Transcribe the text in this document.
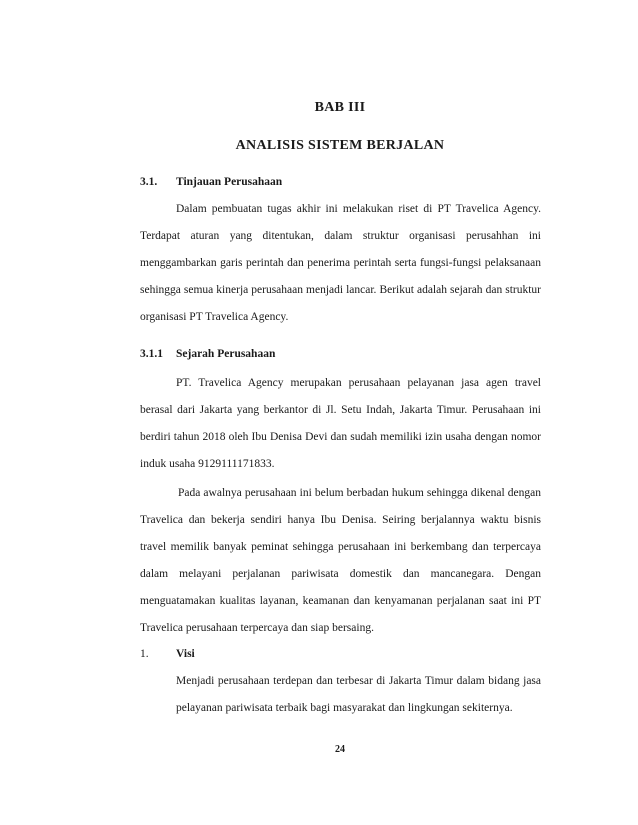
BAB III
ANALISIS SISTEM BERJALAN
3.1. Tinjauan Perusahaan
Dalam pembuatan tugas akhir ini melakukan riset di PT Travelica Agency.
Terdapat aturan yang ditentukan, dalam struktur organisasi perusahhan ini
menggambarkan garis perintah dan penerima perintah serta fungsi-fungsi pelaksanaan
sehingga semua kinerja perusahaan menjadi lancar. Berikut adalah sejarah dan struktur
organisasi PT Travelica Agency.
3.1.1 Sejarah Perusahaan
PT. Travelica Agency merupakan perusahaan pelayanan jasa agen travel
berasal dari Jakarta yang berkantor di Jl. Setu Indah, Jakarta Timur. Perusahaan ini
berdiri tahun 2018 oleh Ibu Denisa Devi dan sudah memiliki izin usaha dengan nomor
induk usaha 9129111171833.
Pada awalnya perusahaan ini belum berbadan hukum sehingga dikenal dengan
Travelica dan bekerja sendiri hanya Ibu Denisa. Seiring berjalannya waktu bisnis
travel memilik banyak peminat sehingga perusahaan ini berkembang dan terpercaya
dalam melayani perjalanan pariwisata domestik dan mancanegara. Dengan
menguatamakan kualitas layanan, keamanan dan kenyamanan perjalanan saat ini PT
Travelica perusahaan terpercaya dan siap bersaing.
1. Visi
Menjadi perusahaan terdepan dan terbesar di Jakarta Timur dalam bidang jasa
pelayanan pariwisata terbaik bagi masyarakat dan lingkungan sekiternya.
24
